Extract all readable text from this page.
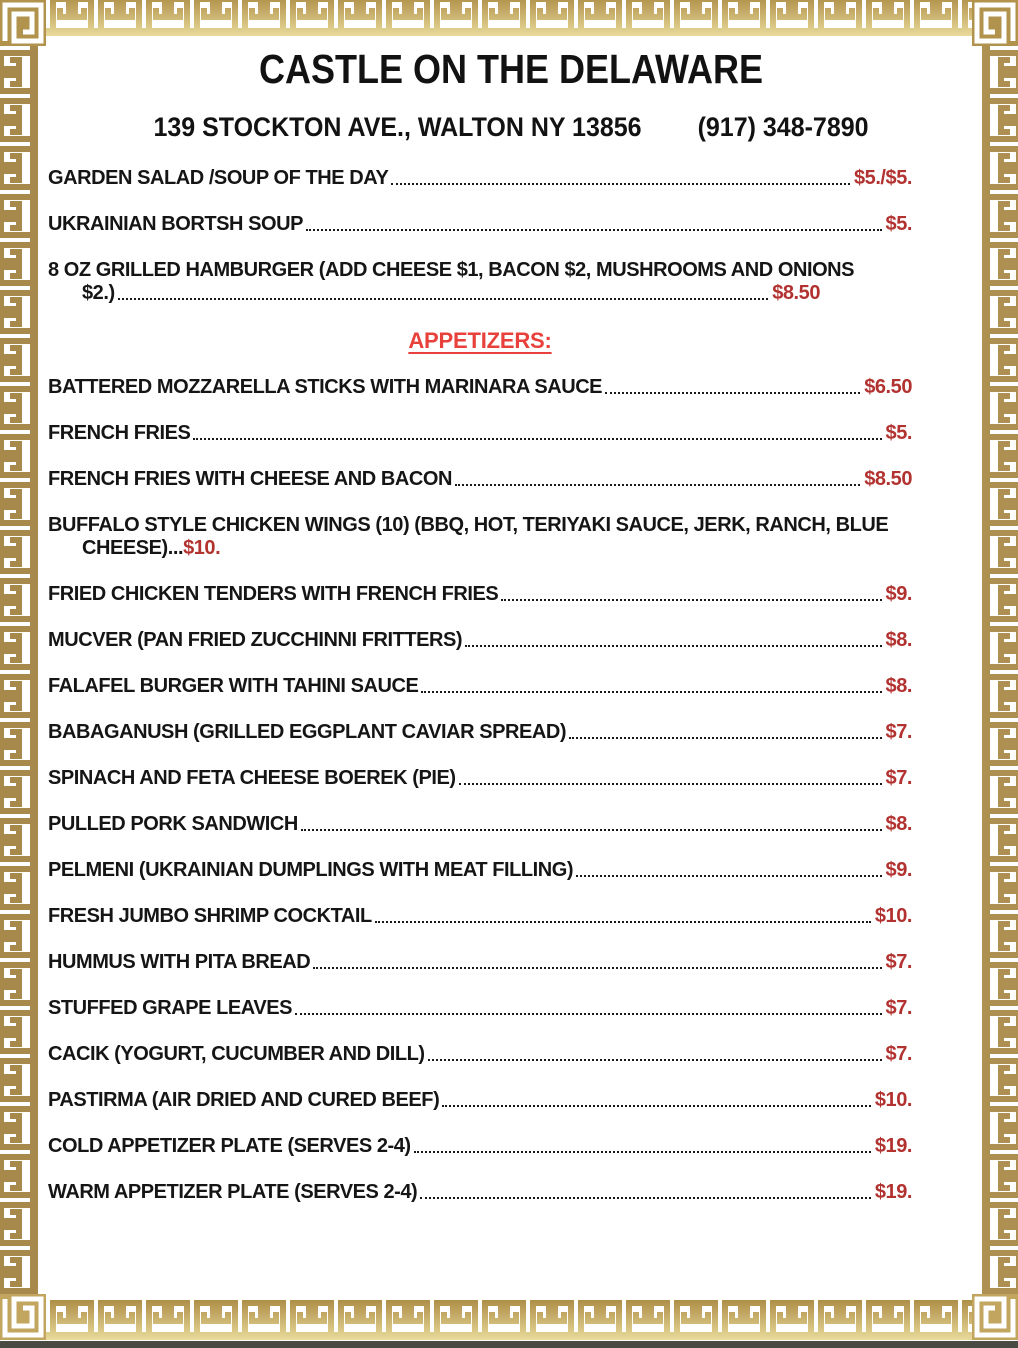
CASTLE ON THE DELAWARE
139 STOCKTON AVE., WALTON NY 13856 (917) 348-7890
GARDEN SALAD /SOUP OF THE DAY	$5./$5.
UKRAINIAN BORTSH SOUP	$5.
8 OZ GRILLED HAMBURGER (ADD CHEESE $1, BACON $2, MUSHROOMS AND ONIONS
$2.)	$8.50
APPETIZERS:
BATTERED MOZZARELLA STICKS WITH MARINARA SAUCE	$6.50
FRENCH FRIES	$5.
FRENCH FRIES WITH CHEESE AND BACON	$8.50
BUFFALO STYLE CHICKEN WINGS (10) (BBQ, HOT, TERIYAKI SAUCE, JERK, RANCH, BLUE
CHEESE)... $10.
FRIED CHICKEN TENDERS WITH FRENCH FRIES	$9.
MUCVER (PAN FRIED ZUCCHINNI FRITTERS)	$8.
FALAFEL BURGER WITH TAHINI SAUCE	$8.
BABAGANUSH (GRILLED EGGPLANT CAVIAR SPREAD)	$7.
SPINACH AND FETA CHEESE BOEREK (PIE)	$7.
PULLED PORK SANDWICH	$8.
PELMENI (UKRAINIAN DUMPLINGS WITH MEAT FILLING)	$9.
FRESH JUMBO SHRIMP COCKTAIL	$10.
HUMMUS WITH PITA BREAD	$7.
STUFFED GRAPE LEAVES	$7.
CACIK (YOGURT, CUCUMBER AND DILL)	$7.
PASTIRMA (AIR DRIED AND CURED BEEF)	$10.
COLD APPETIZER PLATE (SERVES 2-4)	$19.
WARM APPETIZER PLATE (SERVES 2-4)	$19.
